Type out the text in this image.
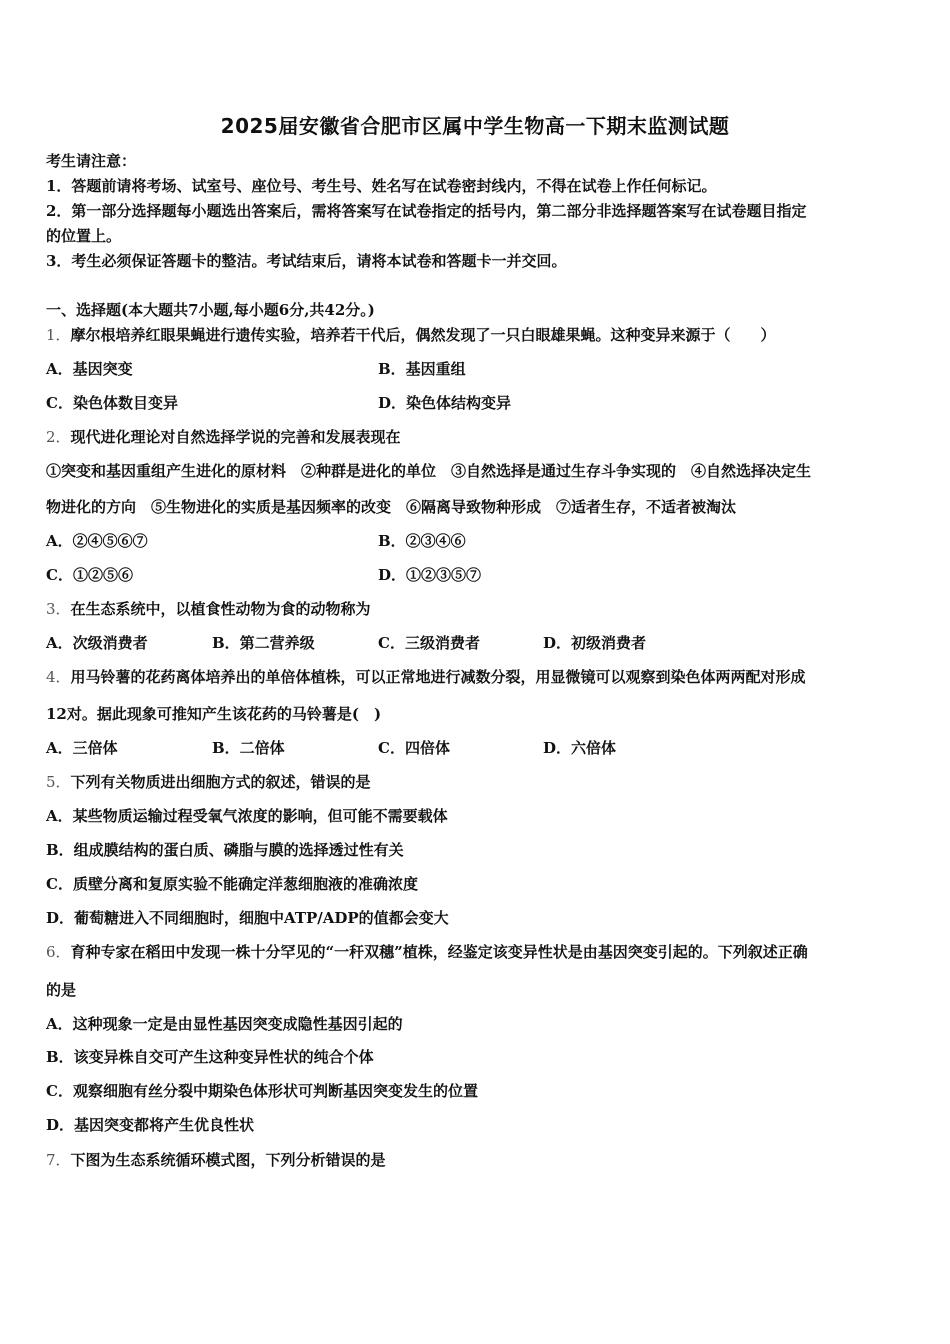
2025届安徽省合肥市区属中学生物高一下期末监测试题
考生请注意：
1．答题前请将考场、试室号、座位号、考生号、姓名写在试卷密封线内，不得在试卷上作任何标记。
2．第一部分选择题每小题选出答案后，需将答案写在试卷指定的括号内，第二部分非选择题答案写在试卷题目指定
的位置上。
3．考生必须保证答题卡的整洁。考试结束后，请将本试卷和答题卡一并交回。
一、选择题(本大题共7小题,每小题6分,共42分。)
1．摩尔根培养红眼果蝇进行遗传实验，培养若干代后，偶然发现了一只白眼雄果蝇。这种变异来源于（　　）
A．基因突变	B．基因重组
C．染色体数目变异	D．染色体结构变异
2．现代进化理论对自然选择学说的完善和发展表现在
①突变和基因重组产生进化的原材料　②种群是进化的单位　③自然选择是通过生存斗争实现的　④自然选择决定生
物进化的方向　⑤生物进化的实质是基因频率的改变　⑥隔离导致物种形成　⑦适者生存，不适者被淘汰
A．②④⑤⑥⑦	B．②③④⑥
C．①②⑤⑥	D．①②③⑤⑦
3．在生态系统中，以植食性动物为食的动物称为
A．次级消费者	B．第二营养级	C．三级消费者	D．初级消费者
4．用马铃薯的花药离体培养出的单倍体植株，可以正常地进行减数分裂，用显微镜可以观察到染色体两两配对形成
12对。据此现象可推知产生该花药的马铃薯是(　)
A．三倍体	B．二倍体	C．四倍体	D．六倍体
5．下列有关物质进出细胞方式的叙述，错误的是
A．某些物质运输过程受氧气浓度的影响，但可能不需要载体
B．组成膜结构的蛋白质、磷脂与膜的选择透过性有关
C．质壁分离和复原实验不能确定洋葱细胞液的准确浓度
D．葡萄糖进入不同细胞时，细胞中ATP/ADP的值都会变大
6．育种专家在稻田中发现一株十分罕见的“一秆双穗”植株，经鉴定该变异性状是由基因突变引起的。下列叙述正确
的是
A．这种现象一定是由显性基因突变成隐性基因引起的
B．该变异株自交可产生这种变异性状的纯合个体
C．观察细胞有丝分裂中期染色体形状可判断基因突变发生的位置
D．基因突变都将产生优良性状
7．下图为生态系统循环模式图，下列分析错误的是
